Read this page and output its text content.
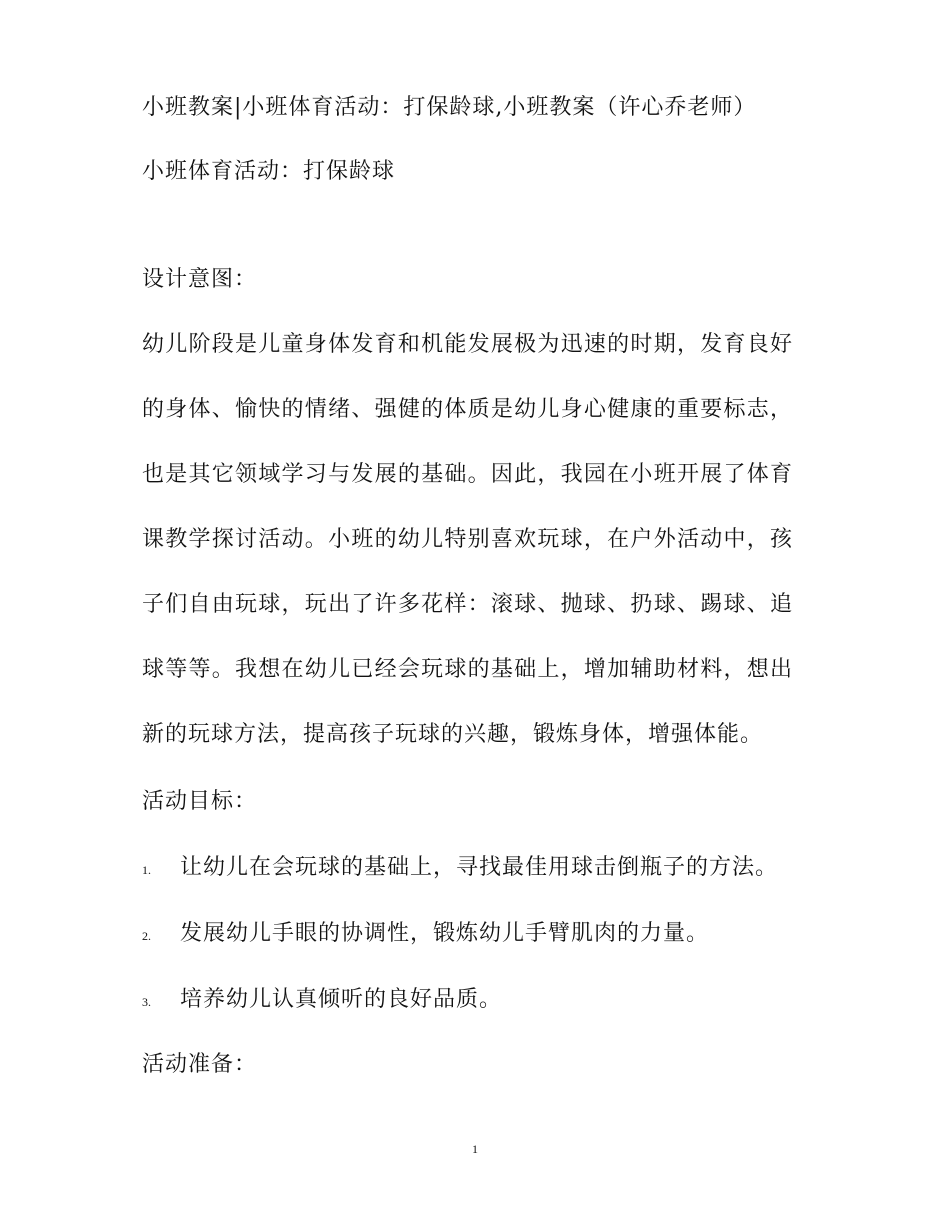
小班教案|小班体育活动：打保龄球,小班教案（许心乔老师）
小班体育活动：打保龄球
设计意图：
幼儿阶段是儿童身体发育和机能发展极为迅速的时期，发育良好
的身体、愉快的情绪、强健的体质是幼儿身心健康的重要标志，
也是其它领域学习与发展的基础。因此，我园在小班开展了体育
课教学探讨活动。小班的幼儿特别喜欢玩球，在户外活动中，孩
子们自由玩球，玩出了许多花样：滚球、抛球、扔球、踢球、追
球等等。我想在幼儿已经会玩球的基础上，增加辅助材料，想出
新的玩球方法，提高孩子玩球的兴趣，锻炼身体，增强体能。
活动目标：
1. 让幼儿在会玩球的基础上，寻找最佳用球击倒瓶子的方法。
2. 发展幼儿手眼的协调性，锻炼幼儿手臂肌肉的力量。
3. 培养幼儿认真倾听的良好品质。
活动准备：
1
